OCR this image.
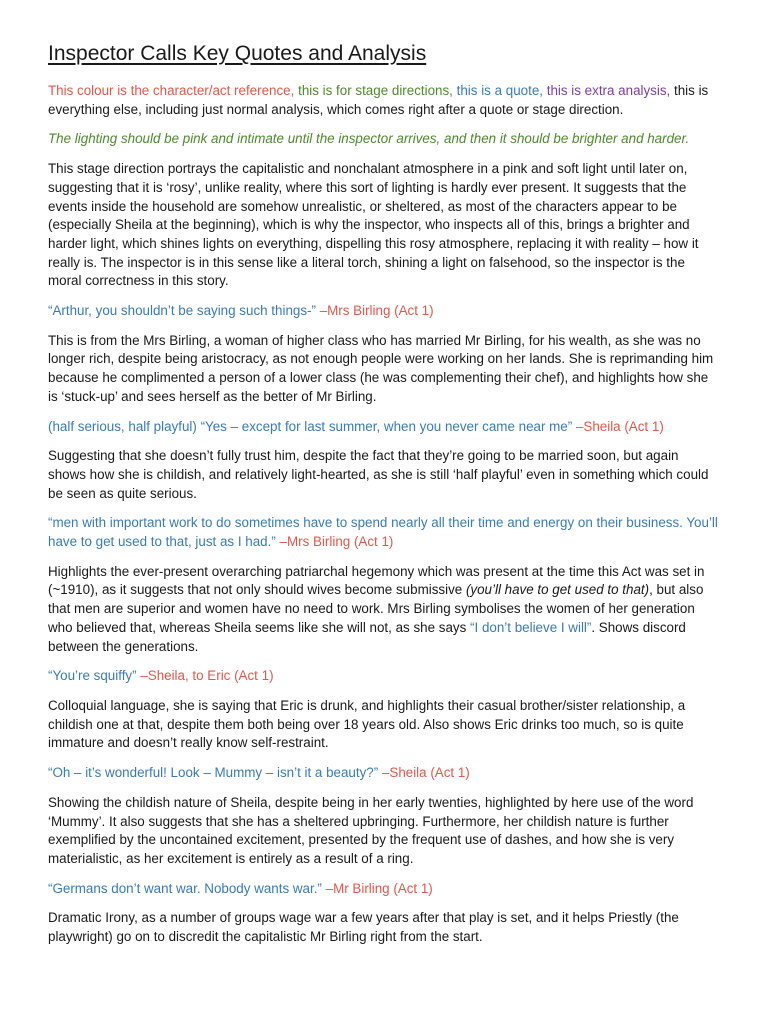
Inspector Calls Key Quotes and Analysis

This colour is the character/act reference, this is for stage directions, this is a quote, this is extra analysis, this is everything else, including just normal analysis, which comes right after a quote or stage direction.

The lighting should be pink and intimate until the inspector arrives, and then it should be brighter and harder.

This stage direction portrays the capitalistic and nonchalant atmosphere in a pink and soft light until later on, suggesting that it is ‘rosy’, unlike reality, where this sort of lighting is hardly ever present. It suggests that the events inside the household are somehow unrealistic, or sheltered, as most of the characters appear to be (especially Sheila at the beginning), which is why the inspector, who inspects all of this, brings a brighter and harder light, which shines lights on everything, dispelling this rosy atmosphere, replacing it with reality – how it really is. The inspector is in this sense like a literal torch, shining a light on falsehood, so the inspector is the moral correctness in this story.

“Arthur, you shouldn’t be saying such things-” –Mrs Birling (Act 1)

This is from the Mrs Birling, a woman of higher class who has married Mr Birling, for his wealth, as she was no longer rich, despite being aristocracy, as not enough people were working on her lands. She is reprimanding him because he complimented a person of a lower class (he was complementing their chef), and highlights how she is ‘stuck-up’ and sees herself as the better of Mr Birling.

(half serious, half playful) “Yes – except for last summer, when you never came near me” –Sheila (Act 1)

Suggesting that she doesn’t fully trust him, despite the fact that they’re going to be married soon, but again shows how she is childish, and relatively light-hearted, as she is still ‘half playful’ even in something which could be seen as quite serious.

“men with important work to do sometimes have to spend nearly all their time and energy on their business. You’ll have to get used to that, just as I had.” –Mrs Birling (Act 1)

Highlights the ever-present overarching patriarchal hegemony which was present at the time this Act was set in (~1910), as it suggests that not only should wives become submissive (you’ll have to get used to that), but also that men are superior and women have no need to work. Mrs Birling symbolises the women of her generation who believed that, whereas Sheila seems like she will not, as she says “I don’t believe I will”. Shows discord between the generations.

“You’re squiffy” –Sheila, to Eric (Act 1)

Colloquial language, she is saying that Eric is drunk, and highlights their casual brother/sister relationship, a childish one at that, despite them both being over 18 years old. Also shows Eric drinks too much, so is quite immature and doesn’t really know self-restraint.

“Oh – it’s wonderful! Look – Mummy – isn’t it a beauty?” –Sheila (Act 1)

Showing the childish nature of Sheila, despite being in her early twenties, highlighted by here use of the word ‘Mummy’. It also suggests that she has a sheltered upbringing. Furthermore, her childish nature is further exemplified by the uncontained excitement, presented by the frequent use of dashes, and how she is very materialistic, as her excitement is entirely as a result of a ring.

“Germans don’t want war. Nobody wants war.” –Mr Birling (Act 1)

Dramatic Irony, as a number of groups wage war a few years after that play is set, and it helps Priestly (the playwright) go on to discredit the capitalistic Mr Birling right from the start.
